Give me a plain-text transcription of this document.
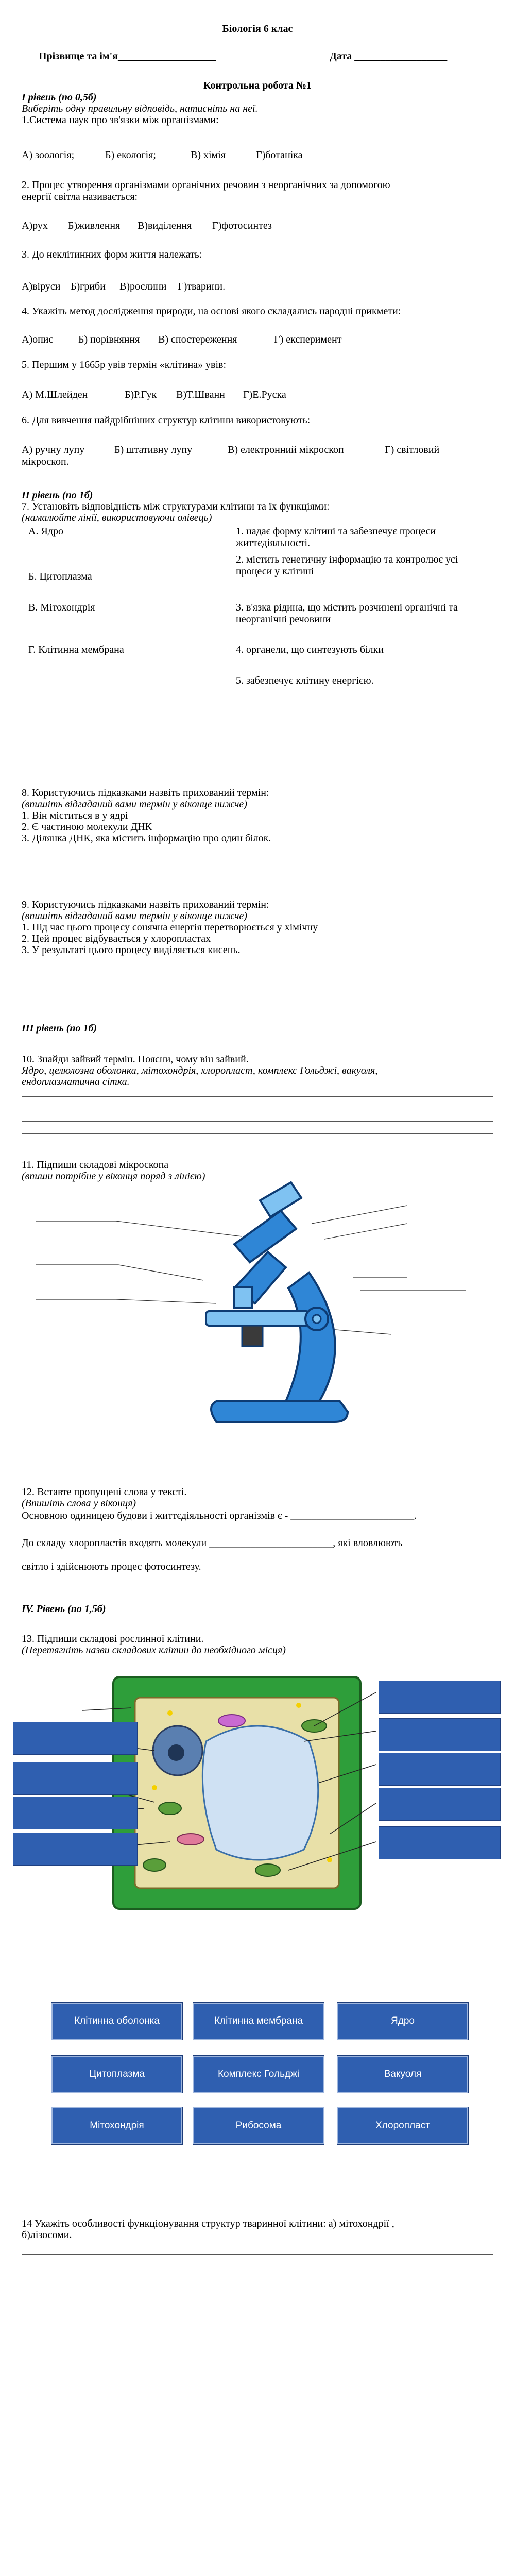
Біологія 6 клас
Прізвище та ім'я___________________	Дата __________________
Контрольна робота №1
І рівень (по 0,5б)
Виберіть одну правильну відповідь, натисніть на неї.
1.Система наук про зв'язки між організмами:
А) зоологія;	Б) екологія;	В) хімія	Г)ботаніка
2. Процес утворення організмами органічних речовин з неорганічних за допомогою
енергії світла називається:
А)рух Б)живлення В)виділення Г)фотосинтез
3. До неклітинних форм життя належать:
А)віруси Б)гриби В)рослини Г)тварини.
4. Укажіть метод дослідження природи, на основі якого складались народні прикмети:
А)опис Б) порівняння В) спостереження	Г) експеримент
5. Першим у 1665р увів термін «клітина» увів:
А) М.Шлейден	Б)Р.Гук В)Т.Шванн Г)Е.Руска
6. Для вивчення найдрібніших структур клітини використовують:
А) ручну лупу	Б) штативну лупу	В) електронний мікроскоп	Г) світловий
мікроскоп.
ІІ рівень (по 1б)
7. Установіть відповідність між структурами клітини та їх функціями:
(намалюйте лінії, використовуючи олівець)
А. Ядро
Б. Цитоплазма
В. Мітохондрія
Г. Клітинна мембрана
1. надає форму клітині та забезпечує процеси
життєдіяльності.
2. містить генетичну інформацію та контролює усі
процеси у клітині
3. в'язка рідина, що містить розчинені органічні та
неорганічні речовини
4. органели, що синтезують білки
5. забезпечує клітину енергією.
8. Користуючись підказками назвіть прихований термін:
(впишіть відгаданий вами термін у віконце нижче)
1. Він міститься в у ядрі
2. Є частиною молекули ДНК
3. Ділянка ДНК, яка містить інформацію про один білок.
9. Користуючись підказками назвіть прихований термін:
(впишіть відгаданий вами термін у віконце нижче)
1. Під час цього процесу сонячна енергія перетворюється у хімічну
2. Цей процес відбувається у хлоропластах
3. У результаті цього процесу виділяється кисень.
ІІІ рівень (по 1б)
10. Знайди зайвий термін. Поясни, чому він зайвий.
Ядро, целюлозна оболонка, мітохондрія, хлоропласт, комплекс Гольджі, вакуоля,
ендоплазматична сітка.
11. Підпиши складові мікроскопа
(впиши потрібне у віконця поряд з лінією)
12. Вставте пропущені слова у тексті.
(Впишіть слова у віконця)
Основною одиницею будови і життєдіяльності організмів є - ________________________.
До складу хлоропластів входять молекули ________________________, які вловлюють
світло і здійснюють процес фотосинтезу.
IV. Рівень (по 1,5б)
13. Підпиши складові рослинної клітини.
(Перетягніть назви складових клітин до необхідного місця)
Клітинна оболонка	Клітинна мембрана	Ядро
Цитоплазма	Комплекс Гольджі	Вакуоля
Мітохондрія	Рибосома	Хлоропласт
14 Укажіть особливості функціонування структур тваринної клітини: а) мітохондрії ,
б)лізосоми.
